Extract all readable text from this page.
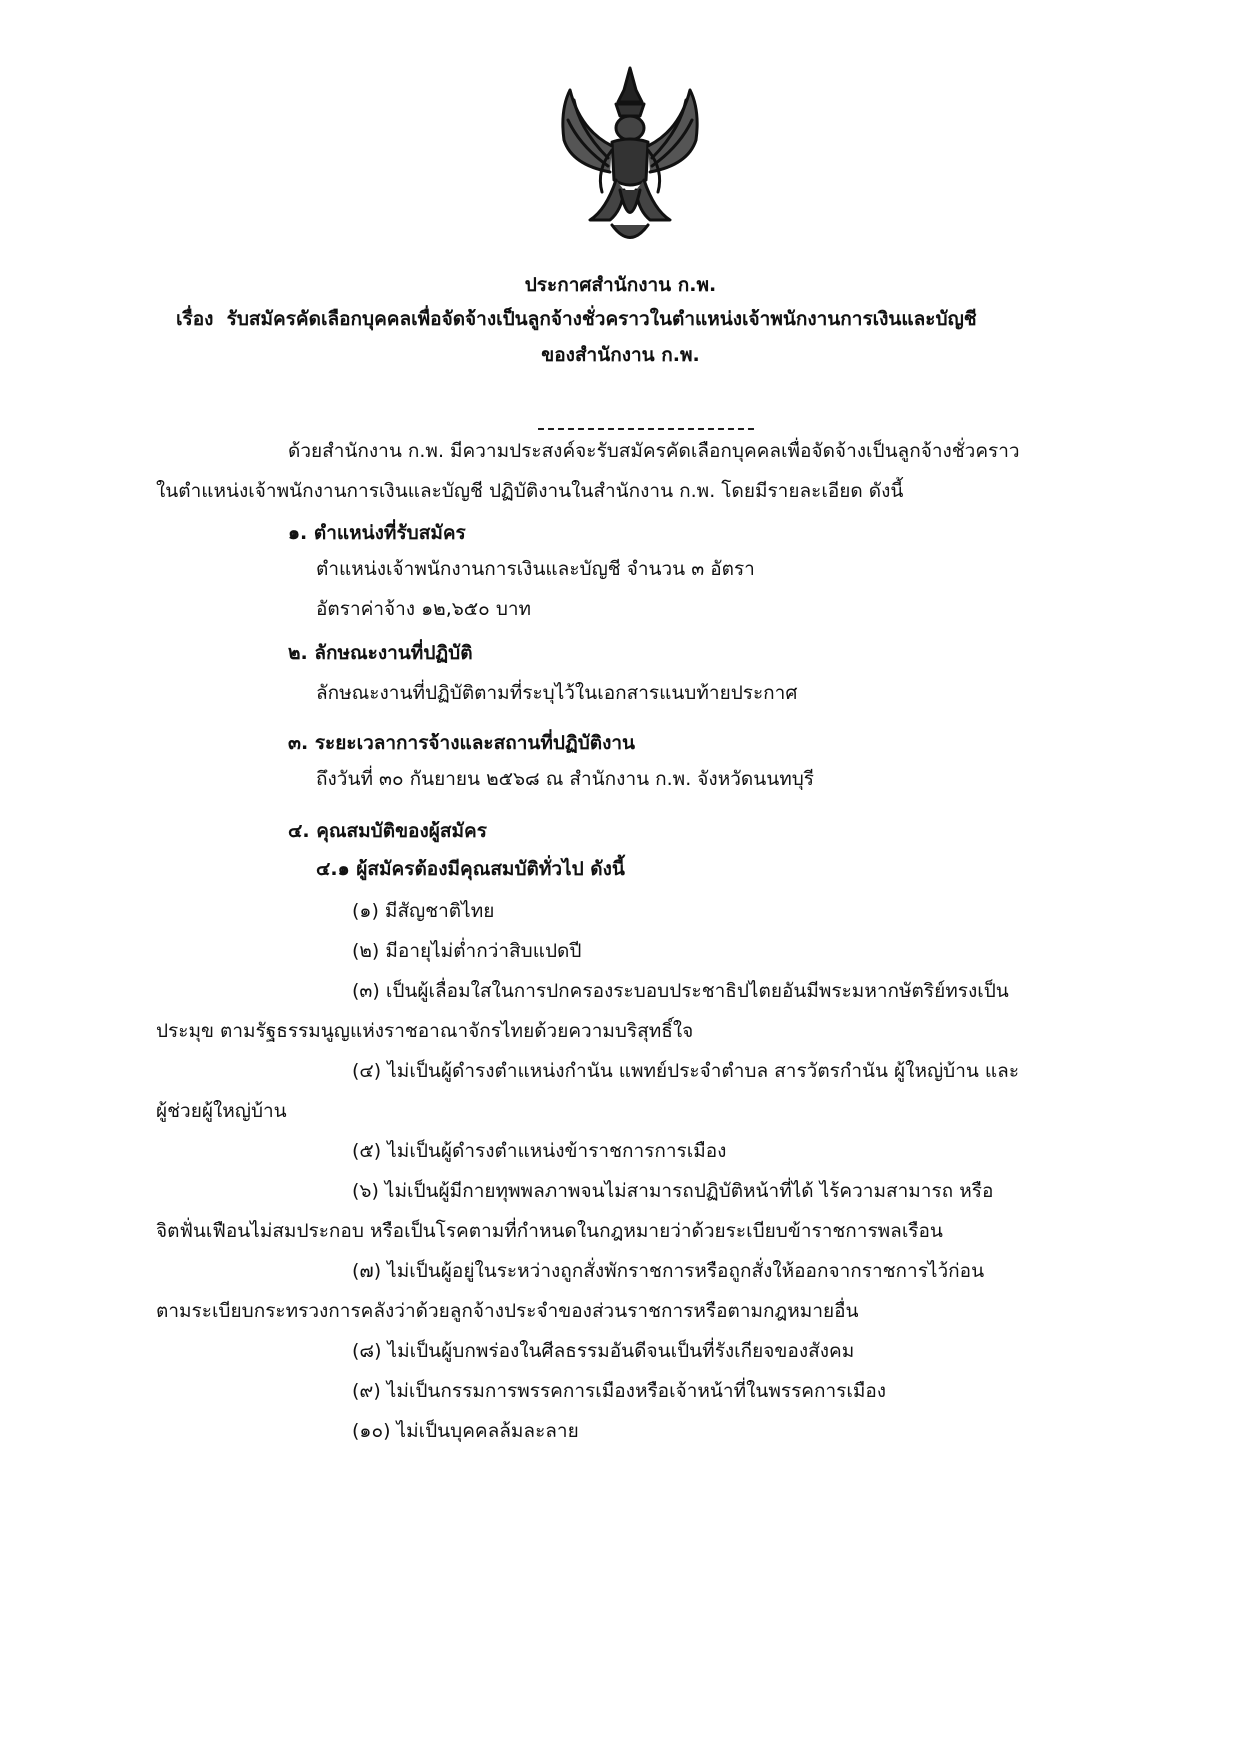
ประกาศสำนักงาน ก.พ.
เรื่อง รับสมัครคัดเลือกบุคคลเพื่อจัดจ้างเป็นลูกจ้างชั่วคราวในตำแหน่งเจ้าพนักงานการเงินและบัญชี
ของสำนักงาน ก.พ.
ด้วยสำนักงาน ก.พ. มีความประสงค์จะรับสมัครคัดเลือกบุคคลเพื่อจัดจ้างเป็นลูกจ้างชั่วคราว
ในตำแหน่งเจ้าพนักงานการเงินและบัญชี ปฏิบัติงานในสำนักงาน ก.พ. โดยมีรายละเอียด ดังนี้
๑. ตำแหน่งที่รับสมัคร
ตำแหน่งเจ้าพนักงานการเงินและบัญชี จำนวน ๓ อัตรา
อัตราค่าจ้าง ๑๒,๖๕๐ บาท
๒. ลักษณะงานที่ปฏิบัติ
ลักษณะงานที่ปฏิบัติตามที่ระบุไว้ในเอกสารแนบท้ายประกาศ
๓. ระยะเวลาการจ้างและสถานที่ปฏิบัติงาน
ถึงวันที่ ๓๐ กันยายน ๒๕๖๘ ณ สำนักงาน ก.พ. จังหวัดนนทบุรี
๔. คุณสมบัติของผู้สมัคร
๔.๑ ผู้สมัครต้องมีคุณสมบัติทั่วไป ดังนี้
(๑) มีสัญชาติไทย
(๒) มีอายุไม่ต่ำกว่าสิบแปดปี
(๓) เป็นผู้เลื่อมใสในการปกครองระบอบประชาธิปไตยอันมีพระมหากษัตริย์ทรงเป็น
ประมุข ตามรัฐธรรมนูญแห่งราชอาณาจักรไทยด้วยความบริสุทธิ์ใจ
(๔) ไม่เป็นผู้ดำรงตำแหน่งกำนัน แพทย์ประจำตำบล สารวัตรกำนัน ผู้ใหญ่บ้าน และ
ผู้ช่วยผู้ใหญ่บ้าน
(๕) ไม่เป็นผู้ดำรงตำแหน่งข้าราชการการเมือง
(๖) ไม่เป็นผู้มีกายทุพพลภาพจนไม่สามารถปฏิบัติหน้าที่ได้ ไร้ความสามารถ หรือ
จิตฟั่นเฟือนไม่สมประกอบ หรือเป็นโรคตามที่กำหนดในกฎหมายว่าด้วยระเบียบข้าราชการพลเรือน
(๗) ไม่เป็นผู้อยู่ในระหว่างถูกสั่งพักราชการหรือถูกสั่งให้ออกจากราชการไว้ก่อน
ตามระเบียบกระทรวงการคลังว่าด้วยลูกจ้างประจำของส่วนราชการหรือตามกฎหมายอื่น
(๘) ไม่เป็นผู้บกพร่องในศีลธรรมอันดีจนเป็นที่รังเกียจของสังคม
(๙) ไม่เป็นกรรมการพรรคการเมืองหรือเจ้าหน้าที่ในพรรคการเมือง
(๑๐) ไม่เป็นบุคคลล้มละลาย
